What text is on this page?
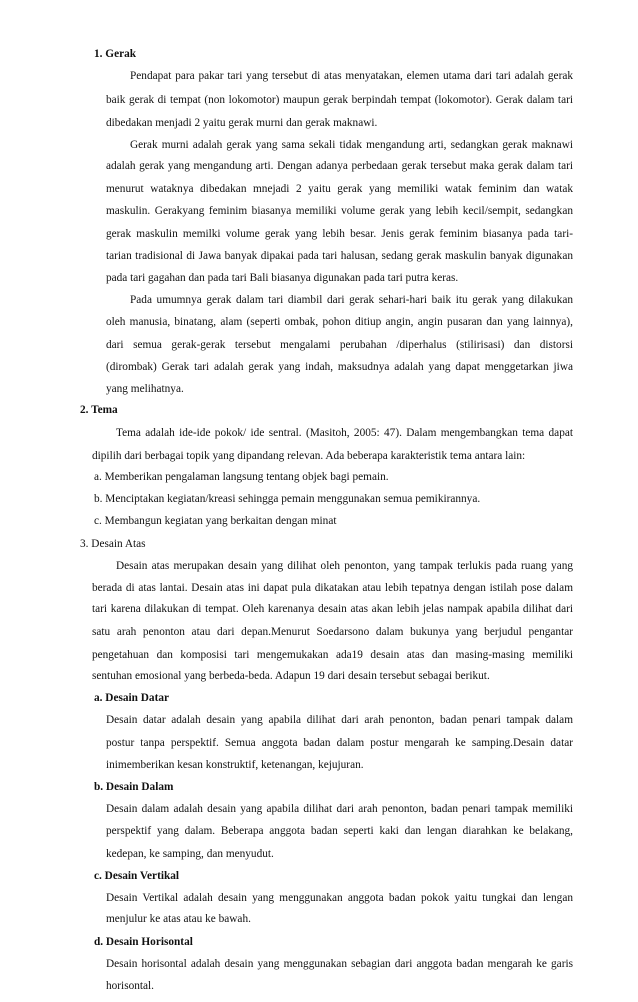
1. Gerak
Pendapat para pakar tari yang tersebut di atas menyatakan, elemen utama dari tari adalah gerak
baik gerak di tempat (non lokomotor) maupun gerak berpindah tempat (lokomotor). Gerak dalam tari
dibedakan menjadi 2 yaitu gerak murni dan gerak maknawi.
Gerak murni adalah gerak yang sama sekali tidak mengandung arti, sedangkan gerak maknawi
adalah gerak yang mengandung arti. Dengan adanya perbedaan gerak tersebut maka gerak dalam tari
menurut wataknya dibedakan mnejadi 2 yaitu gerak yang memiliki watak feminim dan watak
maskulin. Gerakyang feminim biasanya memiliki volume gerak yang lebih kecil/sempit, sedangkan
gerak maskulin memilki volume gerak yang lebih besar. Jenis gerak feminim biasanya pada tari-
tarian tradisional di Jawa banyak dipakai pada tari halusan, sedang gerak maskulin banyak digunakan
pada tari gagahan dan pada tari Bali biasanya digunakan pada tari putra keras.
Pada umumnya gerak dalam tari diambil dari gerak sehari-hari baik itu gerak yang dilakukan
oleh manusia, binatang, alam (seperti ombak, pohon ditiup angin, angin pusaran dan yang lainnya),
dari semua gerak-gerak tersebut mengalami perubahan /diperhalus (stilirisasi) dan distorsi
(dirombak) Gerak tari adalah gerak yang indah, maksudnya adalah yang dapat menggetarkan jiwa
yang melihatnya.
2. Tema
Tema adalah ide-ide pokok/ ide sentral. (Masitoh, 2005: 47). Dalam mengembangkan tema dapat
dipilih dari berbagai topik yang dipandang relevan. Ada beberapa karakteristik tema antara lain:
a. Memberikan pengalaman langsung tentang objek bagi pemain.
b. Menciptakan kegiatan/kreasi sehingga pemain menggunakan semua pemikirannya.
c. Membangun kegiatan yang berkaitan dengan minat
3. Desain Atas
Desain atas merupakan desain yang dilihat oleh penonton, yang tampak terlukis pada ruang yang
berada di atas lantai. Desain atas ini dapat pula dikatakan atau lebih tepatnya dengan istilah pose dalam
tari karena dilakukan di tempat. Oleh karenanya desain atas akan lebih jelas nampak apabila dilihat dari
satu arah penonton atau dari depan.Menurut Soedarsono dalam bukunya yang berjudul pengantar
pengetahuan dan komposisi tari mengemukakan ada19 desain atas dan masing-masing memiliki
sentuhan emosional yang berbeda-beda. Adapun 19 dari desain tersebut sebagai berikut.
a. Desain Datar
Desain datar adalah desain yang apabila dilihat dari arah penonton, badan penari tampak dalam
postur tanpa perspektif. Semua anggota badan dalam postur mengarah ke samping.Desain datar
inimemberikan kesan konstruktif, ketenangan, kejujuran.
b. Desain Dalam
Desain dalam adalah desain yang apabila dilihat dari arah penonton, badan penari tampak memiliki
perspektif yang dalam. Beberapa anggota badan seperti kaki dan lengan diarahkan ke belakang,
kedepan, ke samping, dan menyudut.
c. Desain Vertikal
Desain Vertikal adalah desain yang menggunakan anggota badan pokok yaitu tungkai dan lengan
menjulur ke atas atau ke bawah.
d. Desain Horisontal
Desain horisontal adalah desain yang menggunakan sebagian dari anggota badan mengarah ke garis
horisontal.
